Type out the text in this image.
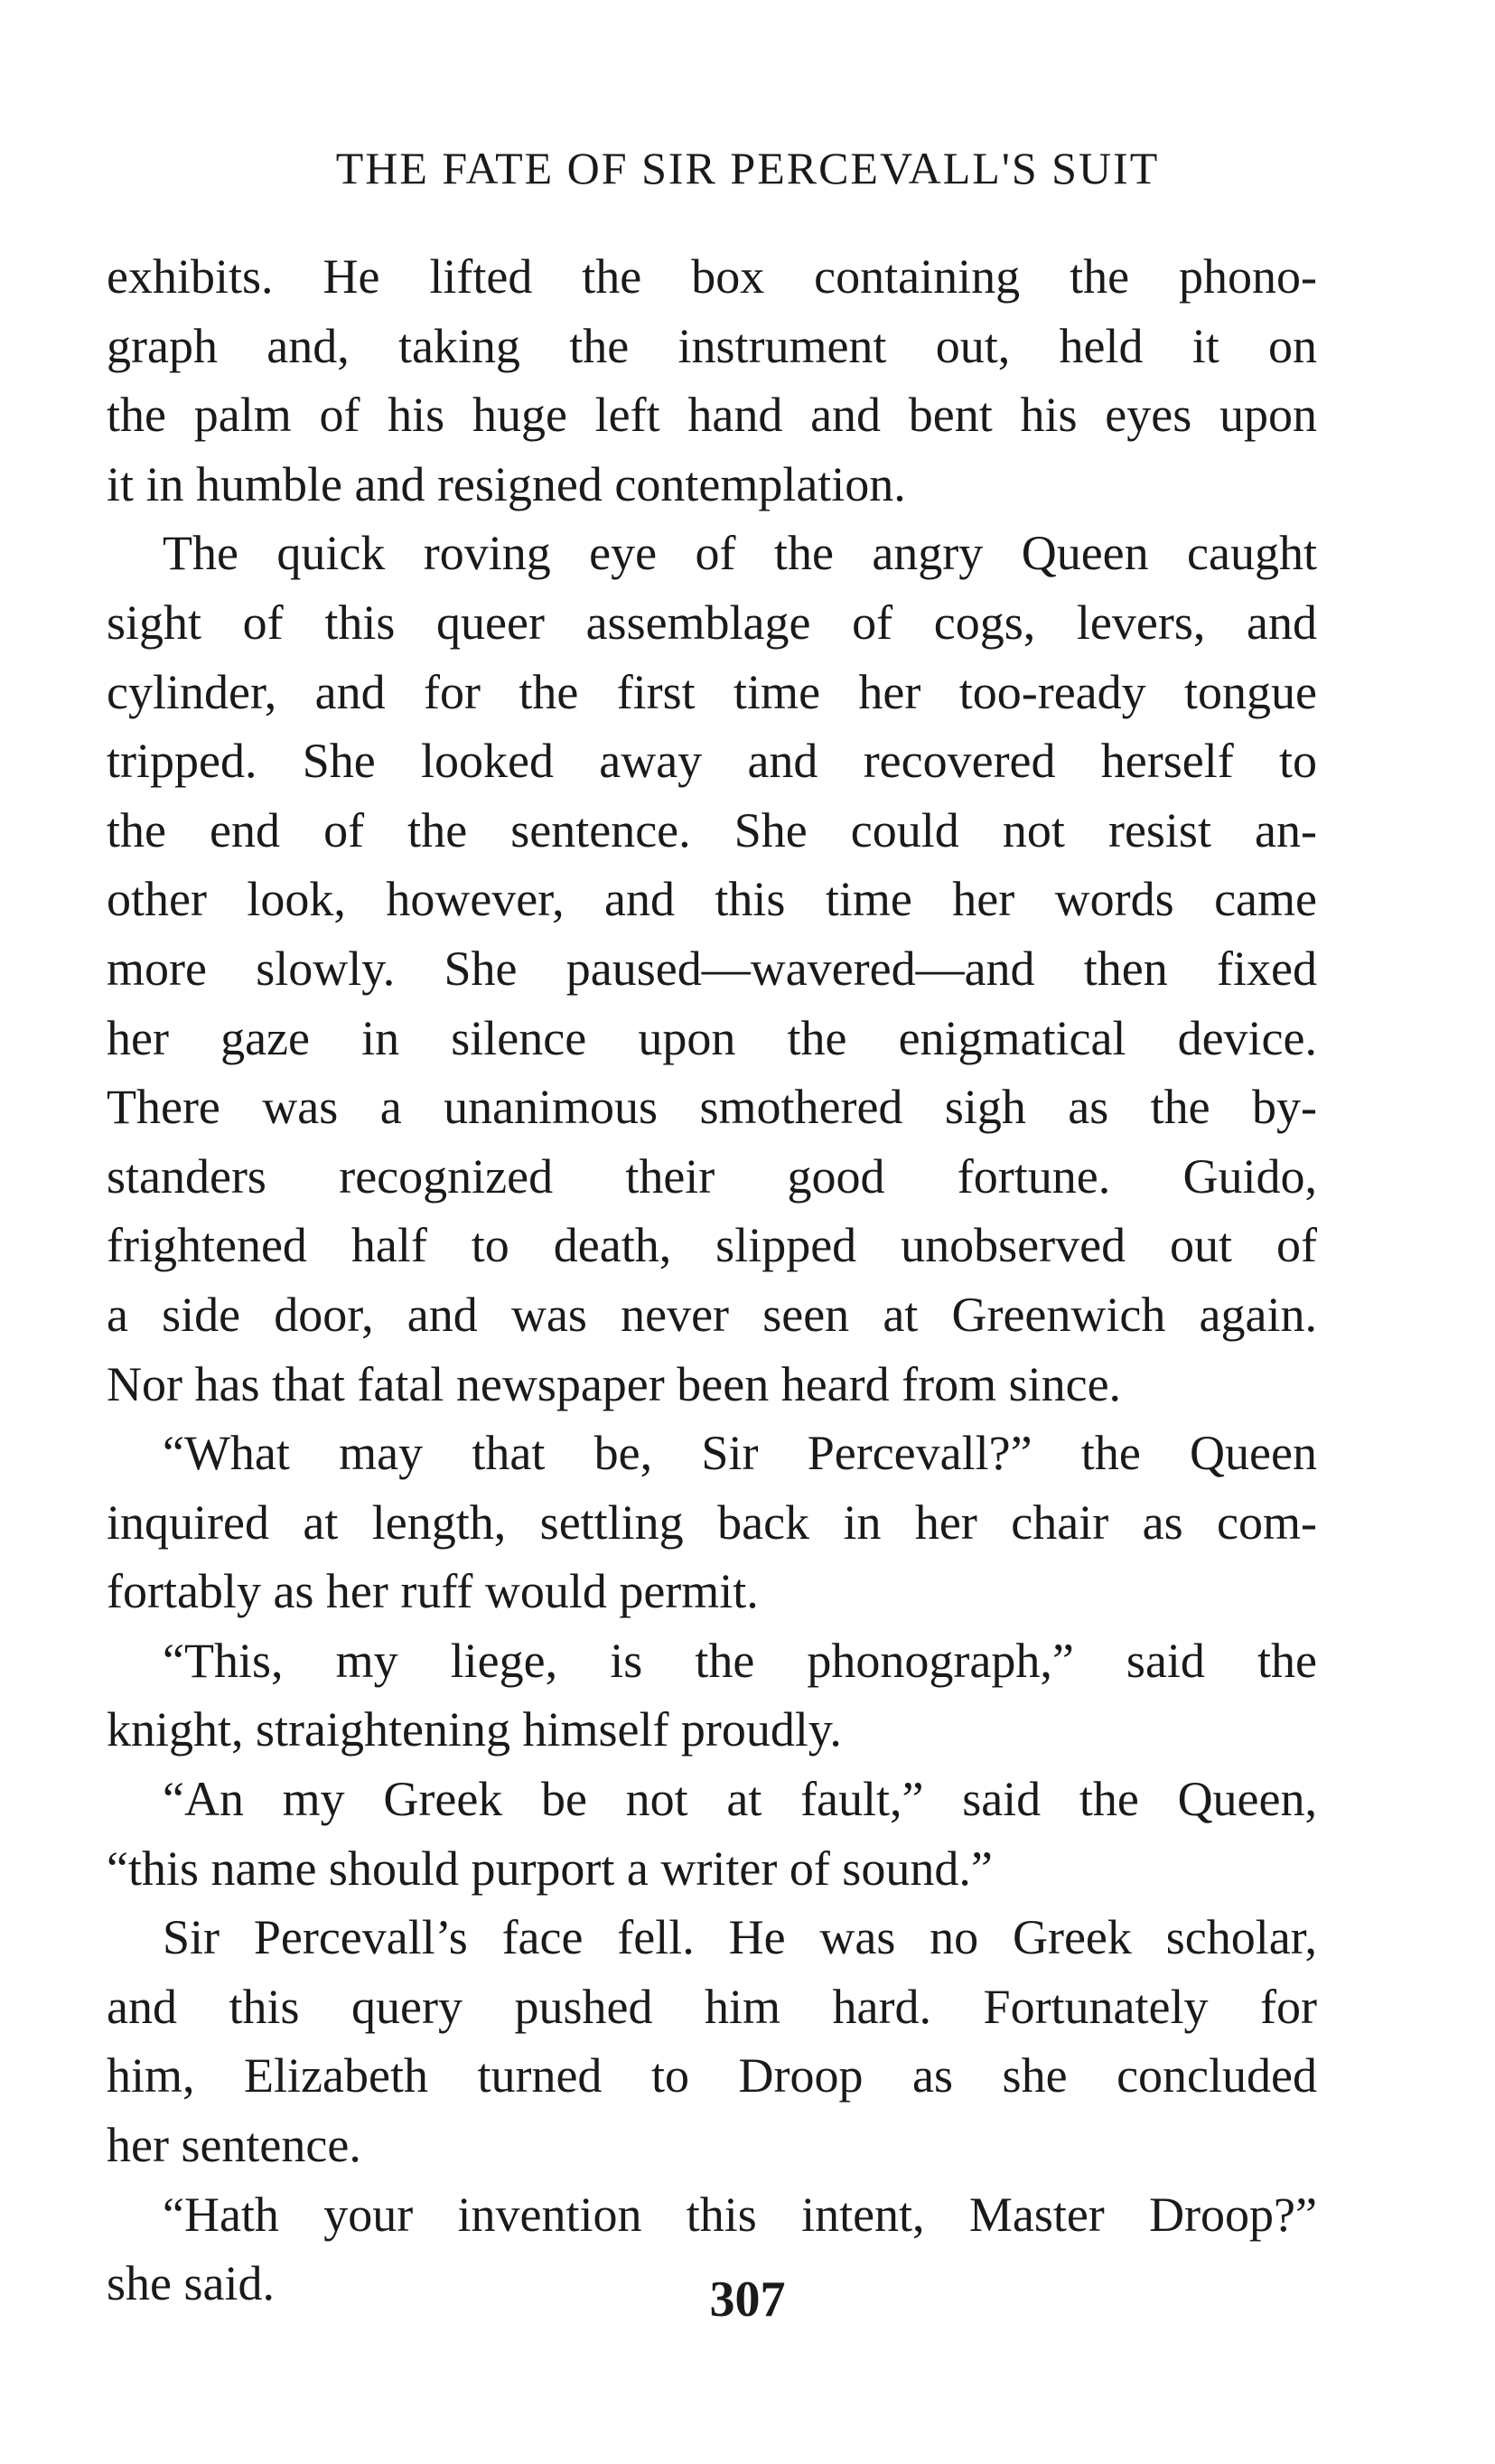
THE FATE OF SIR PERCEVALL'S SUIT

exhibits. He lifted the box containing the phono-
graph and, taking the instrument out, held it on
the palm of his huge left hand and bent his eyes upon
it in humble and resigned contemplation.

The quick roving eye of the angry Queen caught
sight of this queer assemblage of cogs, levers, and
cylinder, and for the first time her too-ready tongue
tripped. She looked away and recovered herself to
the end of the sentence. She could not resist an-
other look, however, and this time her words came
more slowly. She paused—wavered—and then fixed
her gaze in silence upon the enigmatical device.
There was a unanimous smothered sigh as the by-
standers recognized their good fortune. Guido,
frightened half to death, slipped unobserved out of
a side door, and was never seen at Greenwich again.
Nor has that fatal newspaper been heard from since.

“What may that be, Sir Percevall?” the Queen
inquired at length, settling back in her chair as com-
fortably as her ruff would permit.

“This, my liege, is the phonograph,” said the
knight, straightening himself proudly.

“An my Greek be not at fault,” said the Queen,
“this name should purport a writer of sound.”

Sir Percevall’s face fell. He was no Greek scholar,
and this query pushed him hard. Fortunately for
him, Elizabeth turned to Droop as she concluded
her sentence.

“Hath your invention this intent, Master Droop?”
she said.	307
